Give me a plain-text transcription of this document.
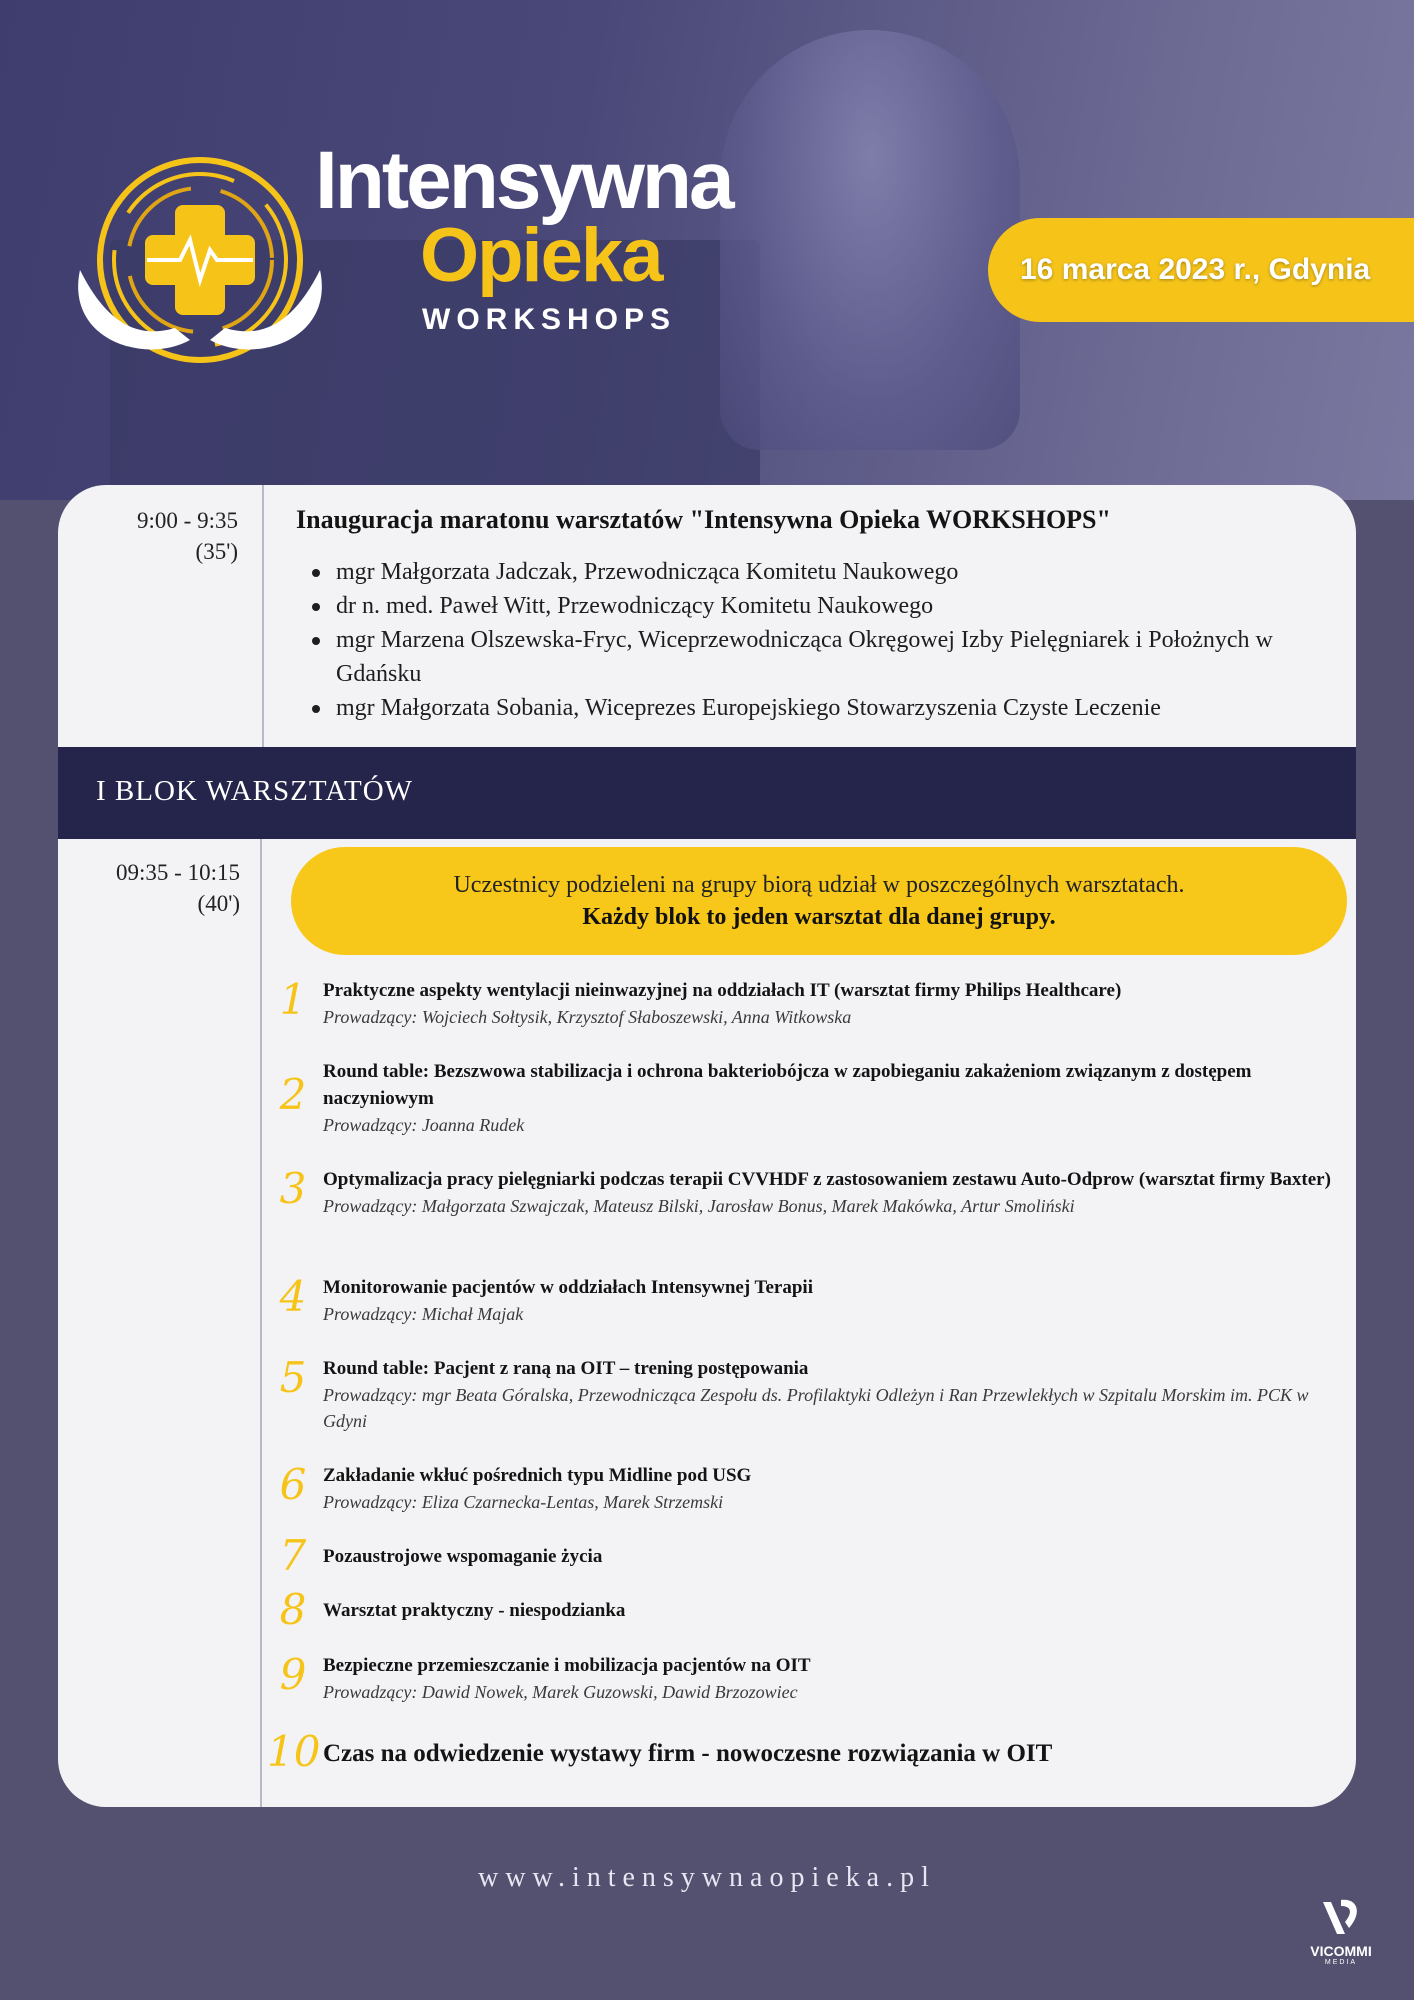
Intensywna
Opieka
WORKSHOPS
16 marca 2023 r., Gdynia
9:00 - 9:35
(35')
Inauguracja maratonu warsztatów "Intensywna Opieka WORKSHOPS"
mgr Małgorzata Jadczak, Przewodnicząca Komitetu Naukowego
dr n. med. Paweł Witt, Przewodniczący Komitetu Naukowego
mgr Marzena Olszewska-Fryc, Wiceprzewodnicząca Okręgowej Izby Pielęgniarek i Położnych w Gdańsku
mgr Małgorzata Sobania, Wiceprezes Europejskiego Stowarzyszenia Czyste Leczenie
I BLOK WARSZTATÓW
09:35 - 10:15
(40')
Uczestnicy podzieleni na grupy biorą udział w poszczególnych warsztatach.
Każdy blok to jeden warsztat dla danej grupy.
1 Praktyczne aspekty wentylacji nieinwazyjnej na oddziałach IT (warsztat firmy Philips Healthcare)
Prowadzący: Wojciech Sołtysik, Krzysztof Słaboszewski, Anna Witkowska
2 Round table: Bezszwowa stabilizacja i ochrona bakteriobójcza w zapobieganiu zakażeniom związanym z dostępem naczyniowym
Prowadzący: Joanna Rudek
3 Optymalizacja pracy pielęgniarki podczas terapii CVVHDF z zastosowaniem zestawu Auto-Odprow (warsztat firmy Baxter)
Prowadzący: Małgorzata Szwajczak, Mateusz Bilski, Jarosław Bonus, Marek Makówka, Artur Smoliński
4 Monitorowanie pacjentów w oddziałach Intensywnej Terapii
Prowadzący: Michał Majak
5 Round table: Pacjent z raną na OIT – trening postępowania
Prowadzący: mgr Beata Góralska, Przewodnicząca Zespołu ds. Profilaktyki Odleżyn i Ran Przewlekłych w Szpitalu Morskim im. PCK w Gdyni
6 Zakładanie wkłuć pośrednich typu Midline pod USG
Prowadzący: Eliza Czarnecka-Lentas, Marek Strzemski
7 Pozaustrojowe wspomaganie życia
8 Warsztat praktyczny - niespodzianka
9 Bezpieczne przemieszczanie i mobilizacja pacjentów na OIT
Prowadzący: Dawid Nowek, Marek Guzowski, Dawid Brzozowiec
10 Czas na odwiedzenie wystawy firm - nowoczesne rozwiązania w OIT
www.intensywnaopieka.pl
VICOMMI
MEDIA
